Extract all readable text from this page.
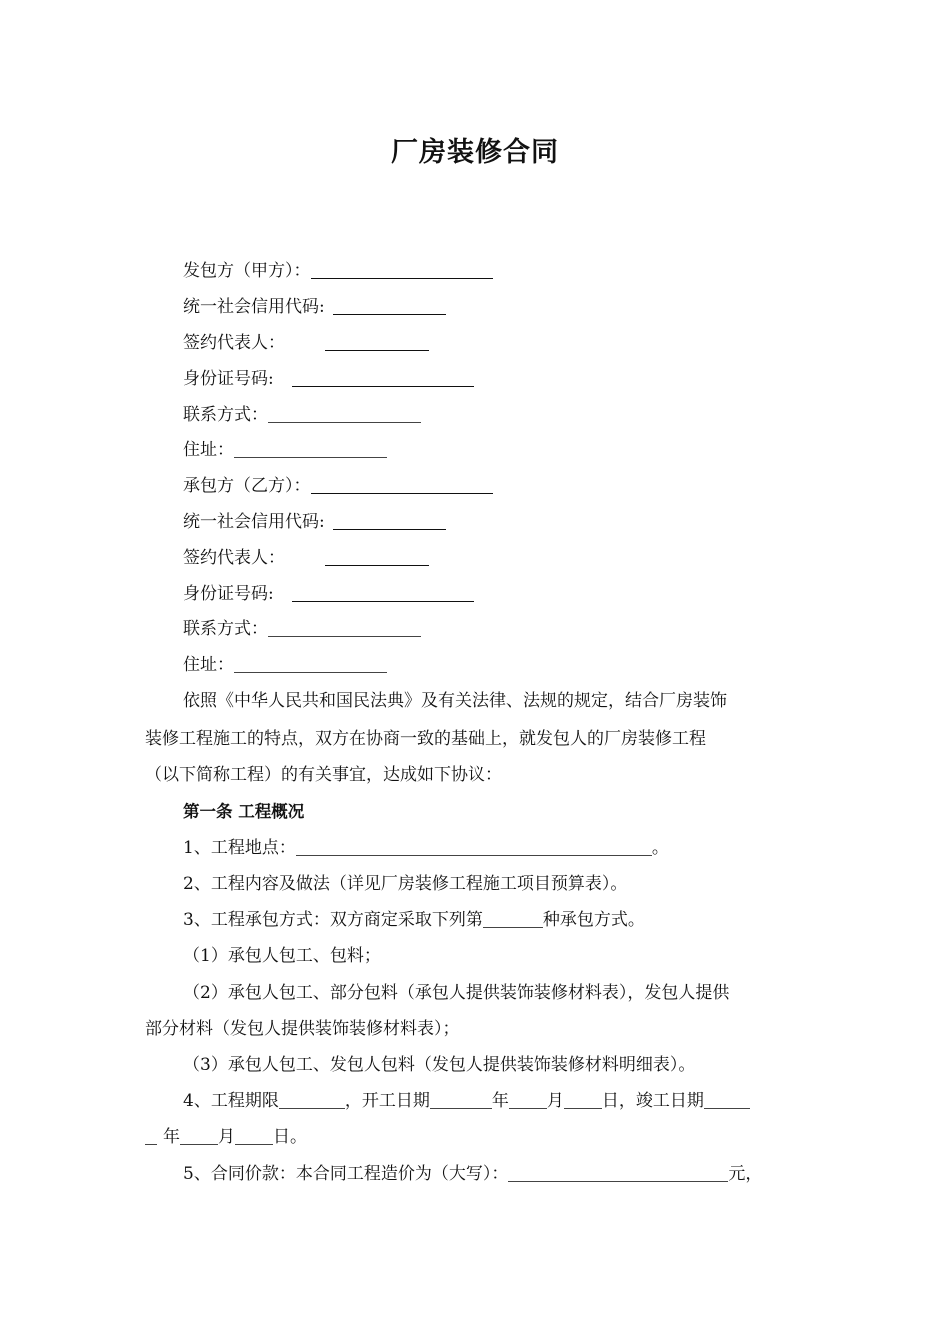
厂房装修合同
发包方（甲方）：
统一社会信用代码:
签约代表人：
身份证号码:
联系方式：
住址：
承包方（乙方）：
统一社会信用代码:
签约代表人：
身份证号码:
联系方式：
住址：
依照《中华人民共和国民法典》及有关法律、法规的规定，结合厂房装饰
装修工程施工的特点，双方在协商一致的基础上，就发包人的厂房装修工程
（以下简称工程）的有关事宜，达成如下协议：
第一条 工程概况
1、工程地点：	。
2、工程内容及做法（详见厂房装修工程施工项目预算表）。
3、工程承包方式：双方商定采取下列第	种承包方式。
（1）承包人包工、包料；
（2）承包人包工、部分包料（承包人提供装饰装修材料表），发包人提供
部分材料（发包人提供装饰装修材料表）；
（3）承包人包工、发包人包料（发包人提供装饰装修材料明细表）。
4、工程期限	，开工日期	年 月 日，竣工日期
年 月 日。
5、合同价款：本合同工程造价为（大写）：	元，
